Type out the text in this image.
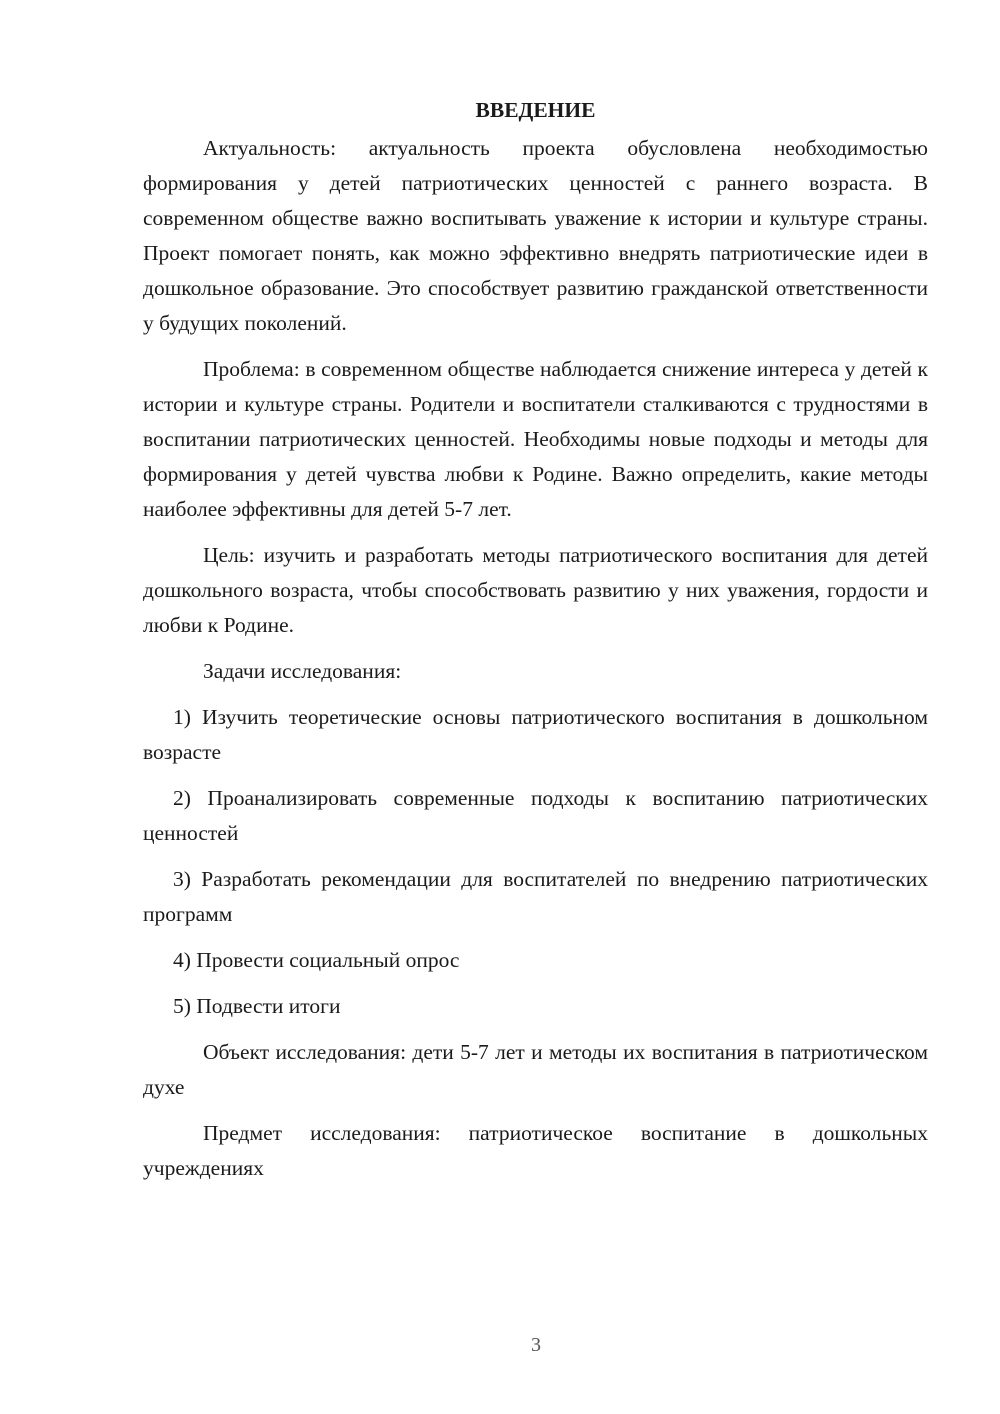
ВВЕДЕНИЕ

Актуальность: актуальность проекта обусловлена необходимостью формирования у детей патриотических ценностей с раннего возраста. В современном обществе важно воспитывать уважение к истории и культуре страны. Проект помогает понять, как можно эффективно внедрять патриотические идеи в дошкольное образование. Это способствует развитию гражданской ответственности у будущих поколений.

Проблема: в современном обществе наблюдается снижение интереса у детей к истории и культуре страны. Родители и воспитатели сталкиваются с трудностями в воспитании патриотических ценностей. Необходимы новые подходы и методы для формирования у детей чувства любви к Родине. Важно определить, какие методы наиболее эффективны для детей 5-7 лет.

Цель: изучить и разработать методы патриотического воспитания для детей дошкольного возраста, чтобы способствовать развитию у них уважения, гордости и любви к Родине.

Задачи исследования:

1) Изучить теоретические основы патриотического воспитания в дошкольном возрасте

2) Проанализировать современные подходы к воспитанию патриотических ценностей

3) Разработать рекомендации для воспитателей по внедрению патриотических программ

4) Провести социальный опрос

5) Подвести итоги

Объект исследования: дети 5-7 лет и методы их воспитания в патриотическом духе

Предмет исследования: патриотическое воспитание в дошкольных учреждениях

3
